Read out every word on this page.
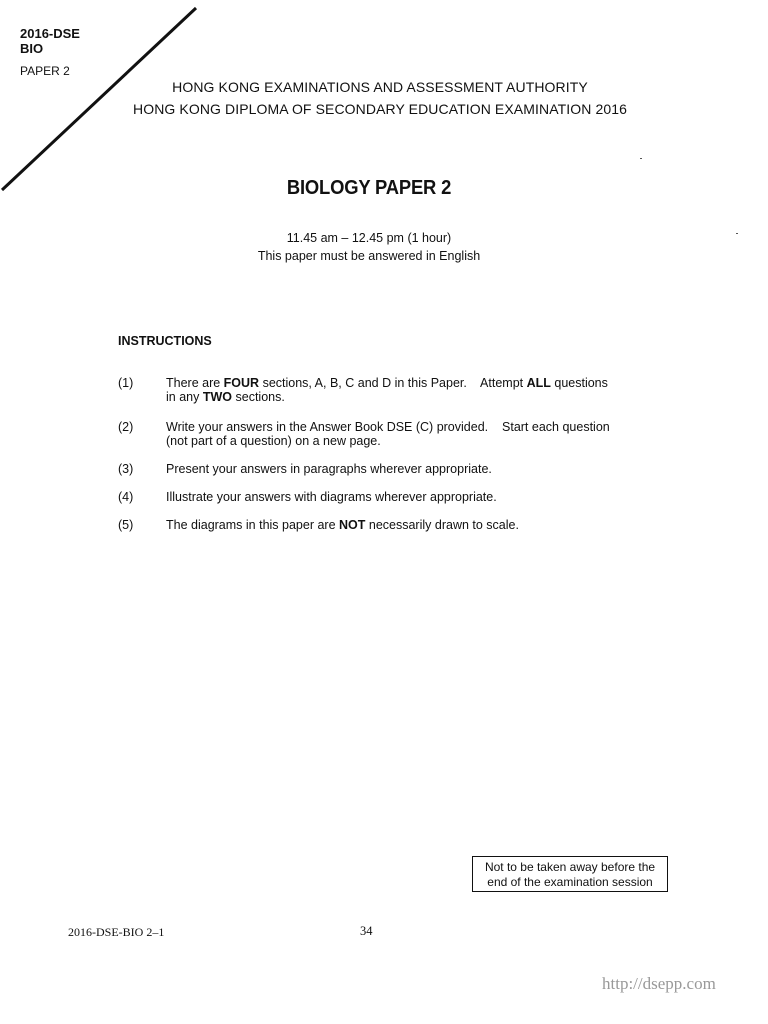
2016-DSE
BIO
PAPER 2
HONG KONG EXAMINATIONS AND ASSESSMENT AUTHORITY
HONG KONG DIPLOMA OF SECONDARY EDUCATION EXAMINATION 2016
BIOLOGY PAPER 2
11.45 am – 12.45 pm (1 hour)
This paper must be answered in English
INSTRUCTIONS
(1)	There are FOUR sections, A, B, C and D in this Paper.    Attempt ALL questions
in any TWO sections.
(2)	Write your answers in the Answer Book DSE (C) provided.    Start each question
(not part of a question) on a new page.
(3)	Present your answers in paragraphs wherever appropriate.
(4)	Illustrate your answers with diagrams wherever appropriate.
(5)	The diagrams in this paper are NOT necessarily drawn to scale.
Not to be taken away before the
end of the examination session
2016-DSE-BIO 2–1	34
http://dsepp.com
